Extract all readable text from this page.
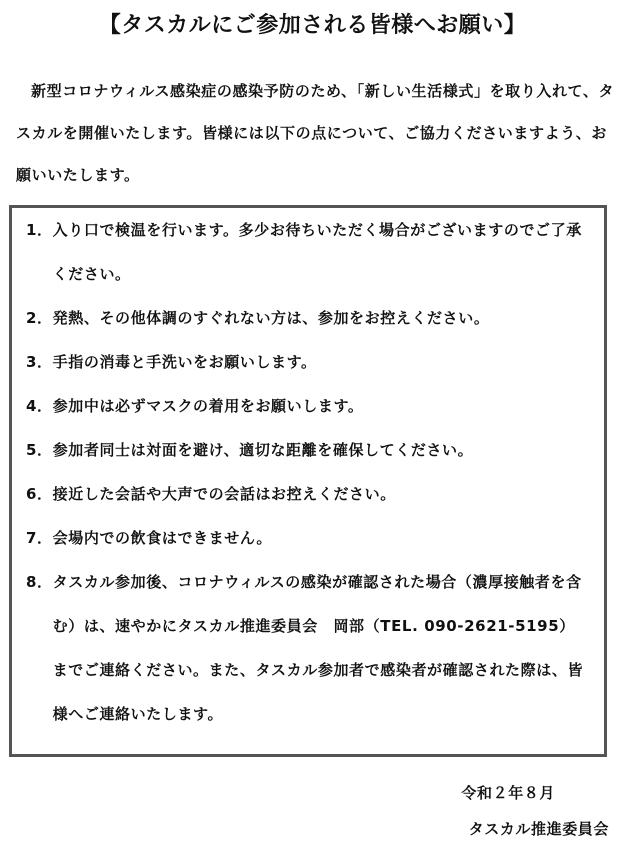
【タスカルにご参加される皆様へお願い】
新型コロナウィルス感染症の感染予防のため、「新しい生活様式」を取り入れて、タスカルを開催いたします。皆様には以下の点について、ご協力くださいますよう、お願いいたします。
1． 入り口で検温を行います。多少お待ちいただく場合がございますのでご了承ください。
2． 発熱、その他体調のすぐれない方は、参加をお控えください。
3． 手指の消毒と手洗いをお願いします。
4． 参加中は必ずマスクの着用をお願いします。
5． 参加者同士は対面を避け、適切な距離を確保してください。
6． 接近した会話や大声での会話はお控えください。
7． 会場内での飲食はできません。
8． タスカル参加後、コロナウィルスの感染が確認された場合（濃厚接触者を含む）は、速やかにタスカル推進委員会　岡部（TEL. 090-2621-5195）までご連絡ください。また、タスカル参加者で感染者が確認された際は、皆様へご連絡いたします。
令和２年８月
タスカル推進委員会
